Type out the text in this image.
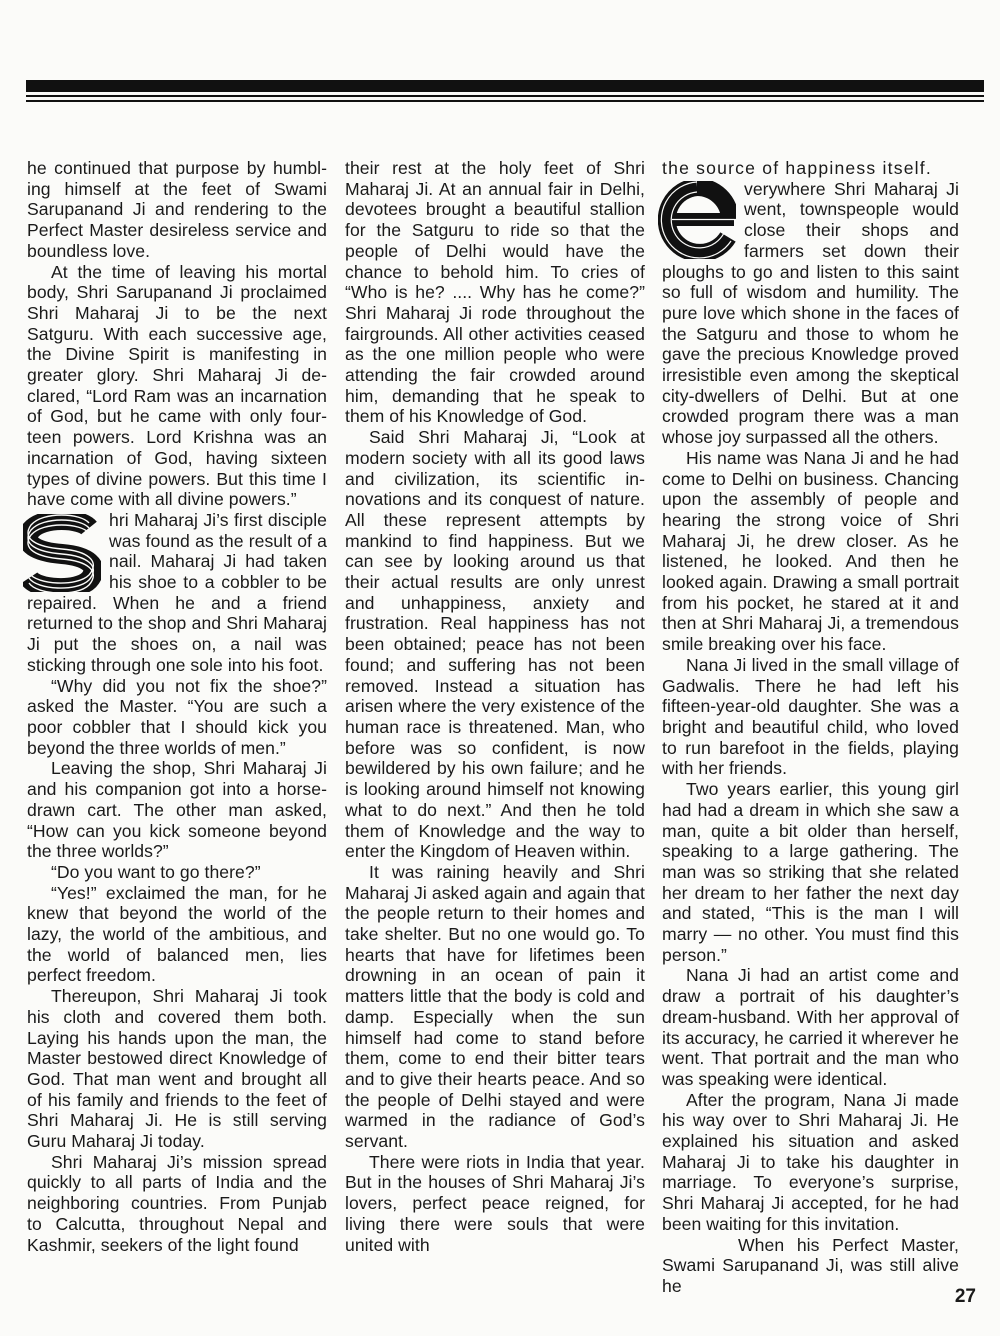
he continued that purpose by humbling himself at the feet of Swami Sarupanand Ji and rendering to the Perfect Master desireless service and boundless love.

At the time of leaving his mortal body, Shri Sarupanand Ji proclaimed Shri Maharaj Ji to be the next Satguru. With each successive age, the Divine Spirit is manifesting in greater glory. Shri Maharaj Ji declared, “Lord Ram was an incarnation of God, but he came with only fourteen powers. Lord Krishna was an incarnation of God, having sixteen types of divine powers. But this time I have come with all divine powers.”

hri Maharaj Ji’s first disciple was found as the result of a nail. Maharaj Ji had taken his shoe to a cobbler to be repaired. When he and a friend returned to the shop and Shri Maharaj Ji put the shoes on, a nail was sticking through one sole into his foot.

“Why did you not fix the shoe?” asked the Master. “You are such a poor cobbler that I should kick you beyond the three worlds of men.”

Leaving the shop, Shri Maharaj Ji and his companion got into a horse-drawn cart. The other man asked, “How can you kick someone beyond the three worlds?”

“Do you want to go there?”

“Yes!” exclaimed the man, for he knew that beyond the world of the lazy, the world of the ambitious, and the world of balanced men, lies perfect freedom.

Thereupon, Shri Maharaj Ji took his cloth and covered them both. Laying his hands upon the man, the Master bestowed direct Knowledge of God. That man went and brought all of his family and friends to the feet of Shri Maharaj Ji. He is still serving Guru Maharaj Ji today.

Shri Maharaj Ji’s mission spread quickly to all parts of India and the neighboring countries. From Punjab to Calcutta, throughout Nepal and Kashmir, seekers of the light found

their rest at the holy feet of Shri Maharaj Ji. At an annual fair in Delhi, devotees brought a beautiful stallion for the Satguru to ride so that the people of Delhi would have the chance to behold him. To cries of “Who is he? .... Why has he come?” Shri Maharaj Ji rode throughout the fairgrounds. All other activities ceased as the one million people who were attending the fair crowded around him, demanding that he speak to them of his Knowledge of God.

Said Shri Maharaj Ji, “Look at modern society with all its good laws and civilization, its scientific innovations and its conquest of nature. All these represent attempts by mankind to find happiness. But we can see by looking around us that their actual results are only unrest and unhappiness, anxiety and frustration. Real happiness has not been obtained; peace has not been found; and suffering has not been removed. Instead a situation has arisen where the very existence of the human race is threatened. Man, who before was so confident, is now bewildered by his own failure; and he is looking around himself not knowing what to do next.” And then he told them of Knowledge and the way to enter the Kingdom of Heaven within.

It was raining heavily and Shri Maharaj Ji asked again and again that the people return to their homes and take shelter. But no one would go. To hearts that have for lifetimes been drowning in an ocean of pain it matters little that the body is cold and damp. Especially when the sun himself had come to stand before them, come to end their bitter tears and to give their hearts peace. And so the people of Delhi stayed and were warmed in the radiance of God’s servant.

There were riots in India that year. But in the houses of Shri Maharaj Ji’s lovers, perfect peace reigned, for living there were souls that were united with

the source of happiness itself.

verywhere Shri Maharaj Ji went, townspeople would close their shops and farmers set down their ploughs to go and listen to this saint so full of wisdom and humility. The pure love which shone in the faces of the Satguru and those to whom he gave the precious Knowledge proved irresistible even among the skeptical city-dwellers of Delhi. But at one crowded program there was a man whose joy surpassed all the others.

His name was Nana Ji and he had come to Delhi on business. Chancing upon the assembly of people and hearing the strong voice of Shri Maharaj Ji, he drew closer. As he listened, he looked. And then he looked again. Drawing a small portrait from his pocket, he stared at it and then at Shri Maharaj Ji, a tremendous smile breaking over his face.

Nana Ji lived in the small village of Gadwalis. There he had left his fifteen-year-old daughter. She was a bright and beautiful child, who loved to run barefoot in the fields, playing with her friends.

Two years earlier, this young girl had had a dream in which she saw a man, quite a bit older than herself, speaking to a large gathering. The man was so striking that she related her dream to her father the next day and stated, “This is the man I will marry — no other. You must find this person.”

Nana Ji had an artist come and draw a portrait of his daughter’s dream-husband. With her approval of its accuracy, he carried it wherever he went. That portrait and the man who was speaking were identical.

After the program, Nana Ji made his way over to Shri Maharaj Ji. He explained his situation and asked Maharaj Ji to take his daughter in marriage. To everyone’s surprise, Shri Maharaj Ji accepted, for he had been waiting for this invitation.

When his Perfect Master, Swami Sarupanand Ji, was still alive he

27
